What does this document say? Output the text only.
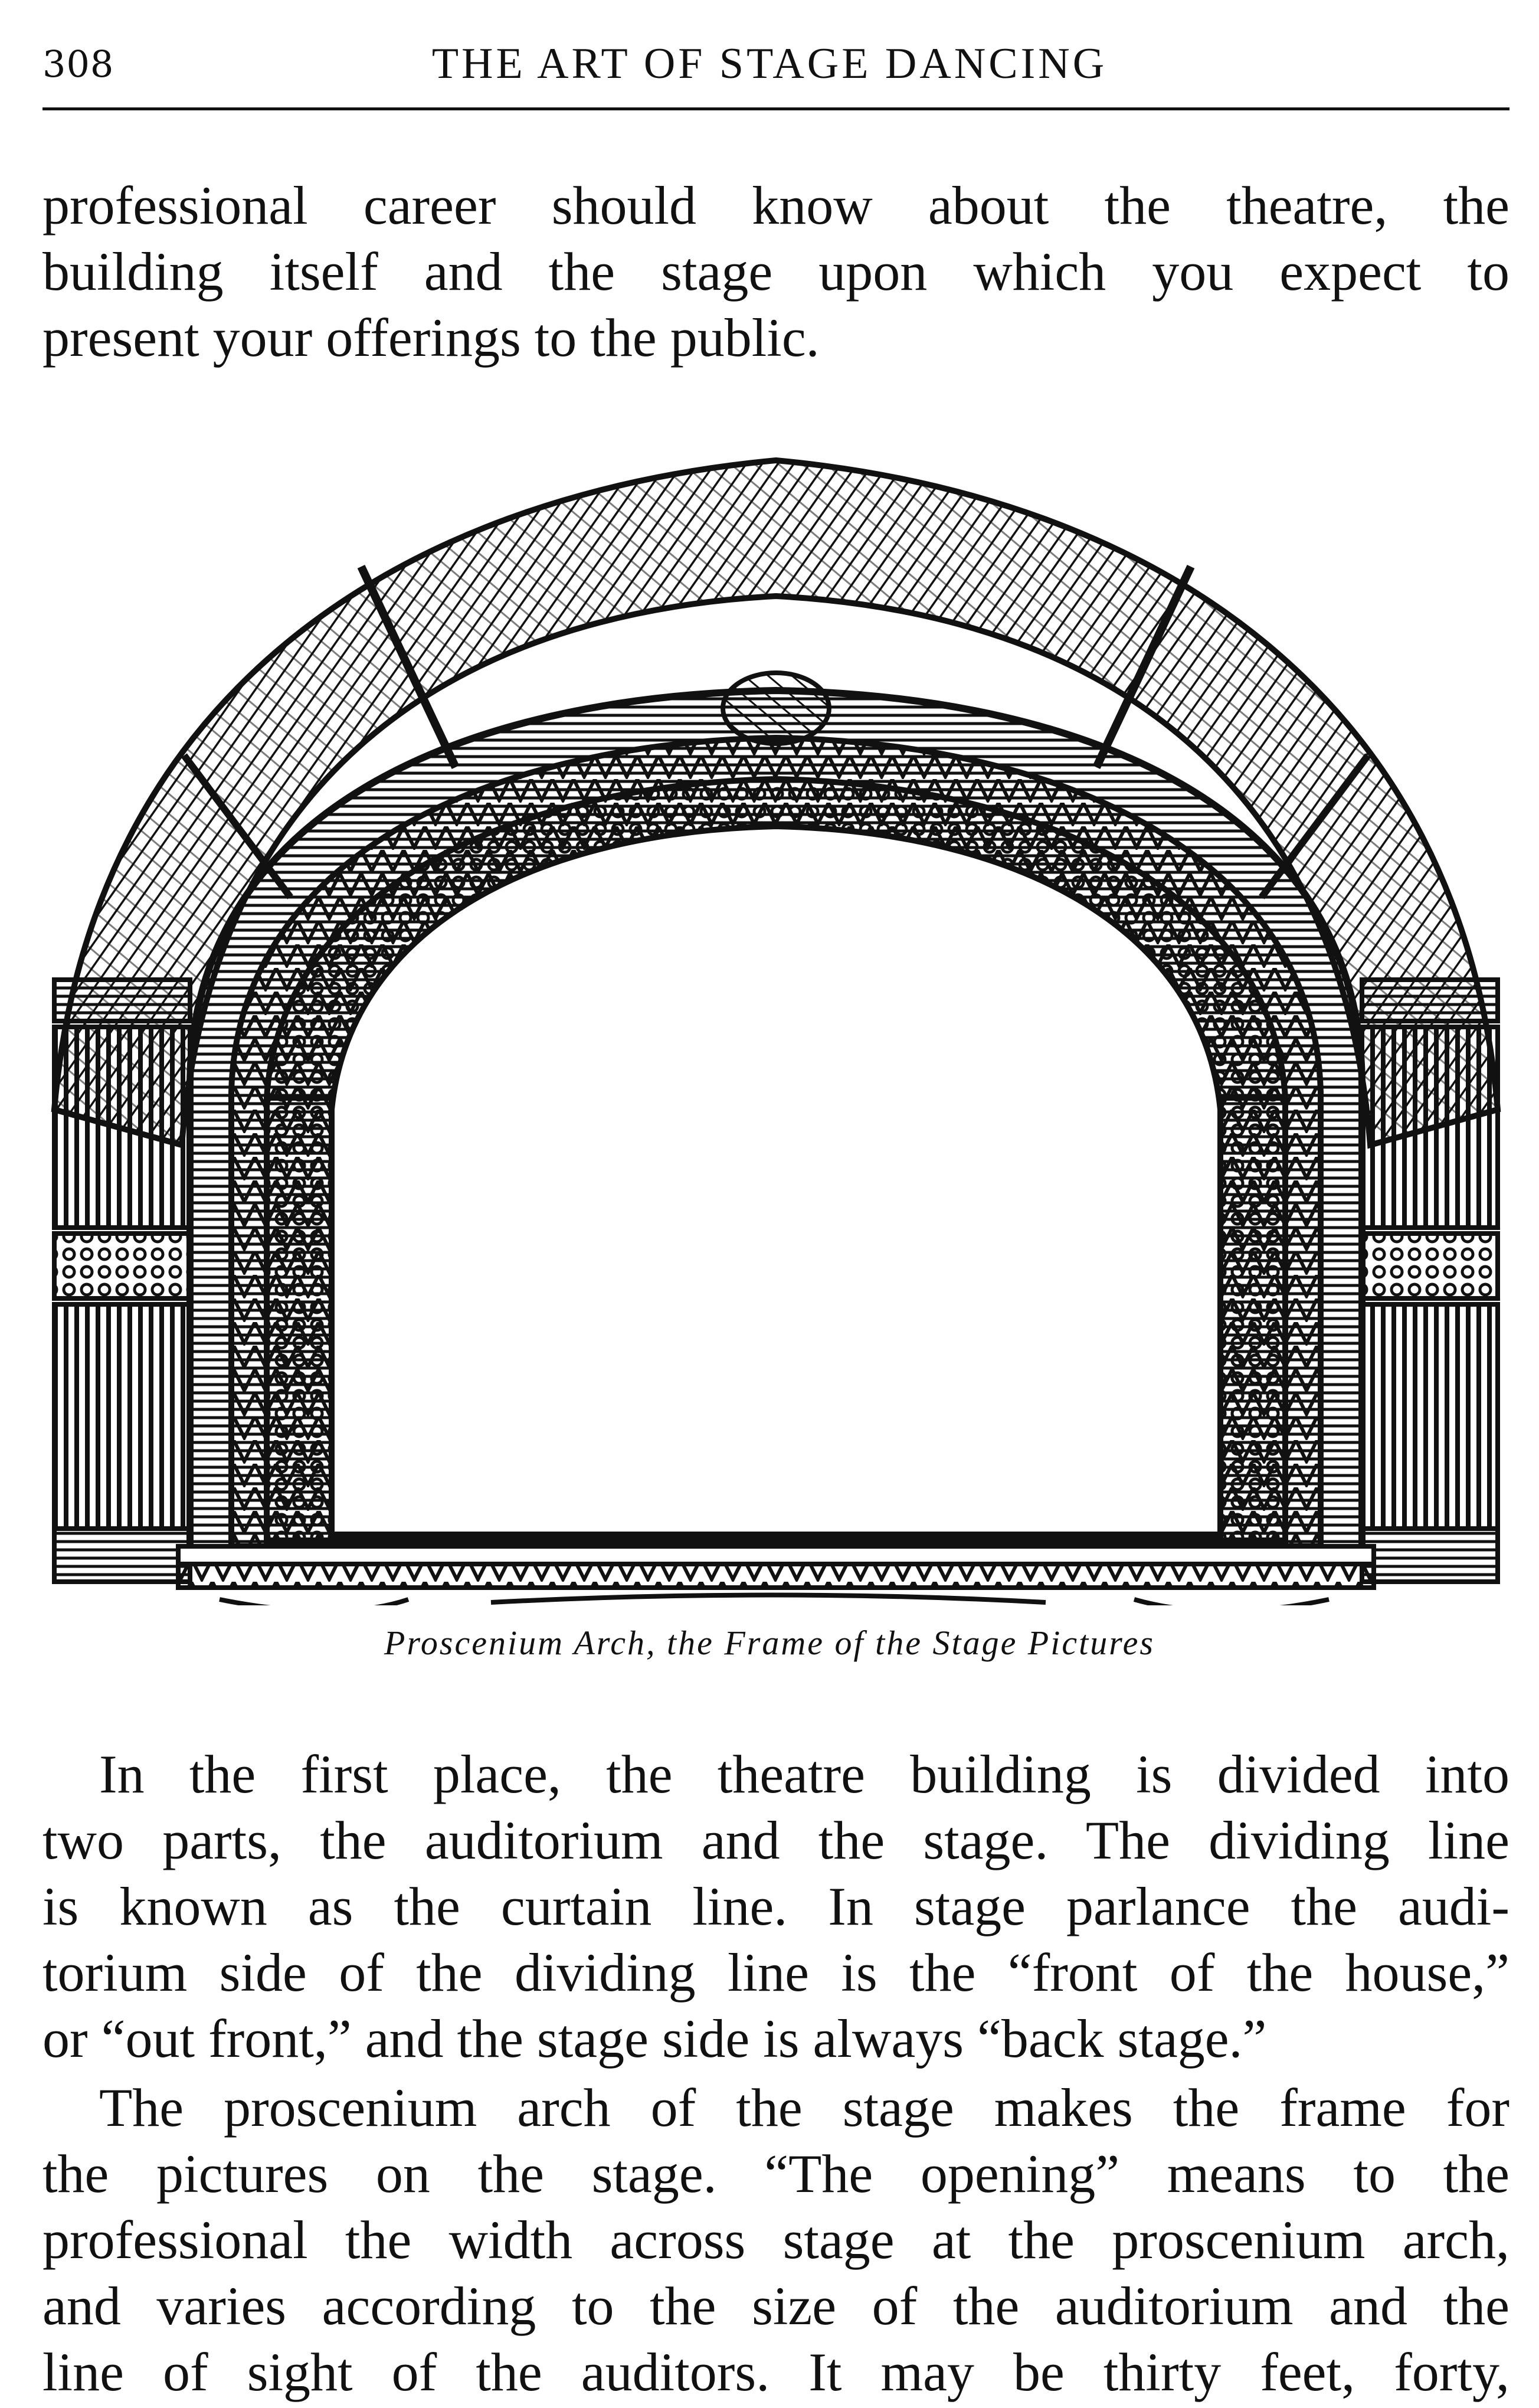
308	THE ART OF STAGE DANCING

professional career should know about the theatre, the
building itself and the stage upon which you expect to
present your offerings to the public.

Proscenium Arch, the Frame of the Stage Pictures

In the first place, the theatre building is divided into
two parts, the auditorium and the stage. The dividing line
is known as the curtain line. In stage parlance the audi-
torium side of the dividing line is the “front of the house,”
or “out front,” and the stage side is always “back stage.”

The proscenium arch of the stage makes the frame for
the pictures on the stage. “The opening” means to the
professional the width across stage at the proscenium arch,
and varies according to the size of the auditorium and the
line of sight of the auditors. It may be thirty feet, forty,
